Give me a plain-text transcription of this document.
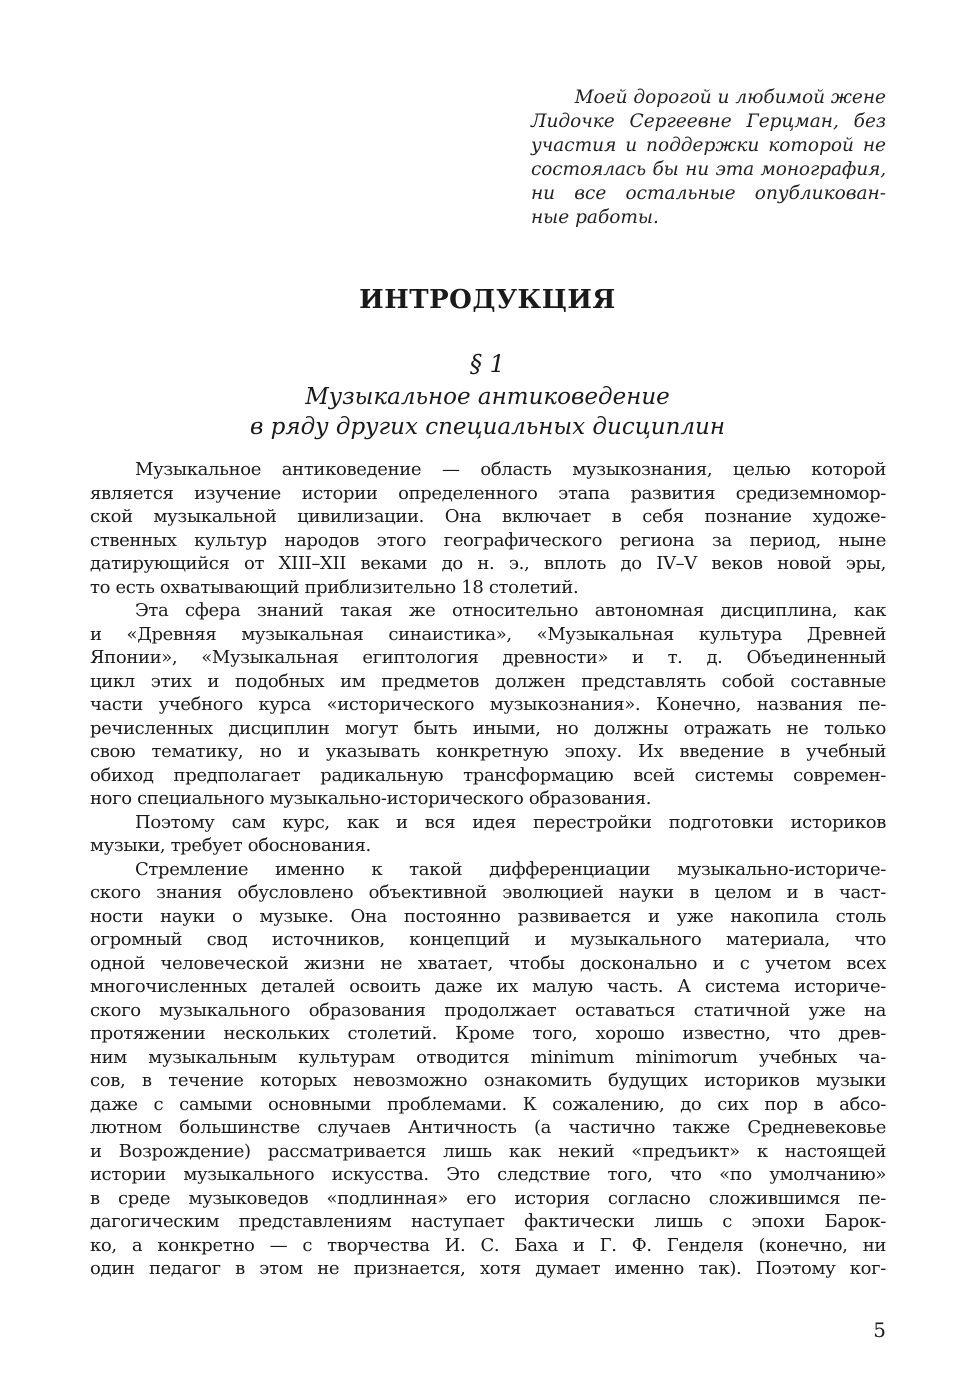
Моей дорогой и любимой жене
Лидочке Сергеевне Герцман, без
участия и поддержки которой не
состоялась бы ни эта монография,
ни все остальные опубликован-
ные работы.
ИНТРОДУКЦИЯ
§ 1
Музыкальное антиковедение
в ряду других специальных дисциплин
Музыкальное антиковедение — область музыкознания, целью которой
является изучение истории определенного этапа развития средиземномор-
ской музыкальной цивилизации. Она включает в себя познание художе-
ственных культур народов этого географического региона за период, ныне
датирующийся от XIII–XII веками до н. э., вплоть до IV–V веков новой эры,
то есть охватывающий приблизительно 18 столетий.
Эта сфера знаний такая же относительно автономная дисциплина, как
и «Древняя музыкальная синаистика», «Музыкальная культура Древней
Японии», «Музыкальная египтология древности» и т. д. Объединенный
цикл этих и подобных им предметов должен представлять собой составные
части учебного курса «исторического музыкознания». Конечно, названия пе-
речисленных дисциплин могут быть иными, но должны отражать не только
свою тематику, но и указывать конкретную эпоху. Их введение в учебный
обиход предполагает радикальную трансформацию всей системы современ-
ного специального музыкально-исторического образования.
Поэтому сам курс, как и вся идея перестройки подготовки историков
музыки, требует обоснования.
Стремление именно к такой дифференциации музыкально-историче-
ского знания обусловлено объективной эволюцией науки в целом и в част-
ности науки о музыке. Она постоянно развивается и уже накопила столь
огромный свод источников, концепций и музыкального материала, что
одной человеческой жизни не хватает, чтобы досконально и с учетом всех
многочисленных деталей освоить даже их малую часть. А система историче-
ского музыкального образования продолжает оставаться статичной уже на
протяжении нескольких столетий. Кроме того, хорошо известно, что древ-
ним музыкальным культурам отводится minimum minimorum учебных ча-
сов, в течение которых невозможно ознакомить будущих историков музыки
даже с самыми основными проблемами. К сожалению, до сих пор в абсо-
лютном большинстве случаев Античность (а частично также Средневековье
и Возрождение) рассматривается лишь как некий «предъикт» к настоящей
истории музыкального искусства. Это следствие того, что «по умолчанию»
в среде музыковедов «подлинная» его история согласно сложившимся пе-
дагогическим представлениям наступает фактически лишь с эпохи Барок-
ко, а конкретно — с творчества И. С. Баха и Г. Ф. Генделя (конечно, ни
один педагог в этом не признается, хотя думает именно так). Поэтому ког-
5
